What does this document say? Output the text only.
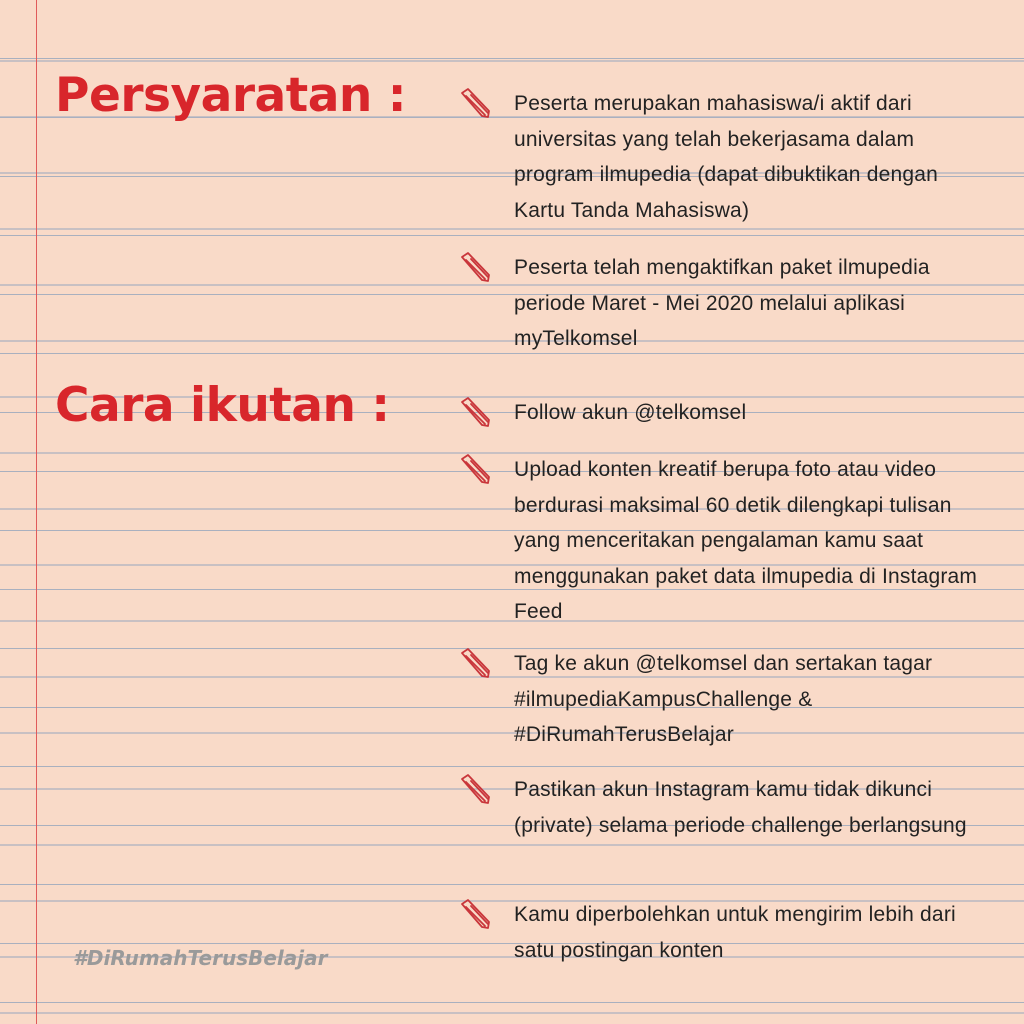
Persyaratan :	Peserta merupakan mahasiswa/i aktif dari universitas yang telah bekerjasama dalam program ilmupedia (dapat dibuktikan dengan Kartu Tanda Mahasiswa)

Peserta telah mengaktifkan paket ilmupedia periode Maret - Mei 2020 melalui aplikasi myTelkomsel

Cara ikutan :	Follow akun @telkomsel

Upload konten kreatif berupa foto atau video berdurasi maksimal 60 detik dilengkapi tulisan yang menceritakan pengalaman kamu saat menggunakan paket data ilmupedia di Instagram Feed

Tag ke akun @telkomsel dan sertakan tagar #ilmupediaKampusChallenge & #DiRumahTerusBelajar

Pastikan akun Instagram kamu tidak dikunci (private) selama periode challenge berlangsung

Kamu diperbolehkan untuk mengirim lebih dari satu postingan konten

#DiRumahTerusBelajar
